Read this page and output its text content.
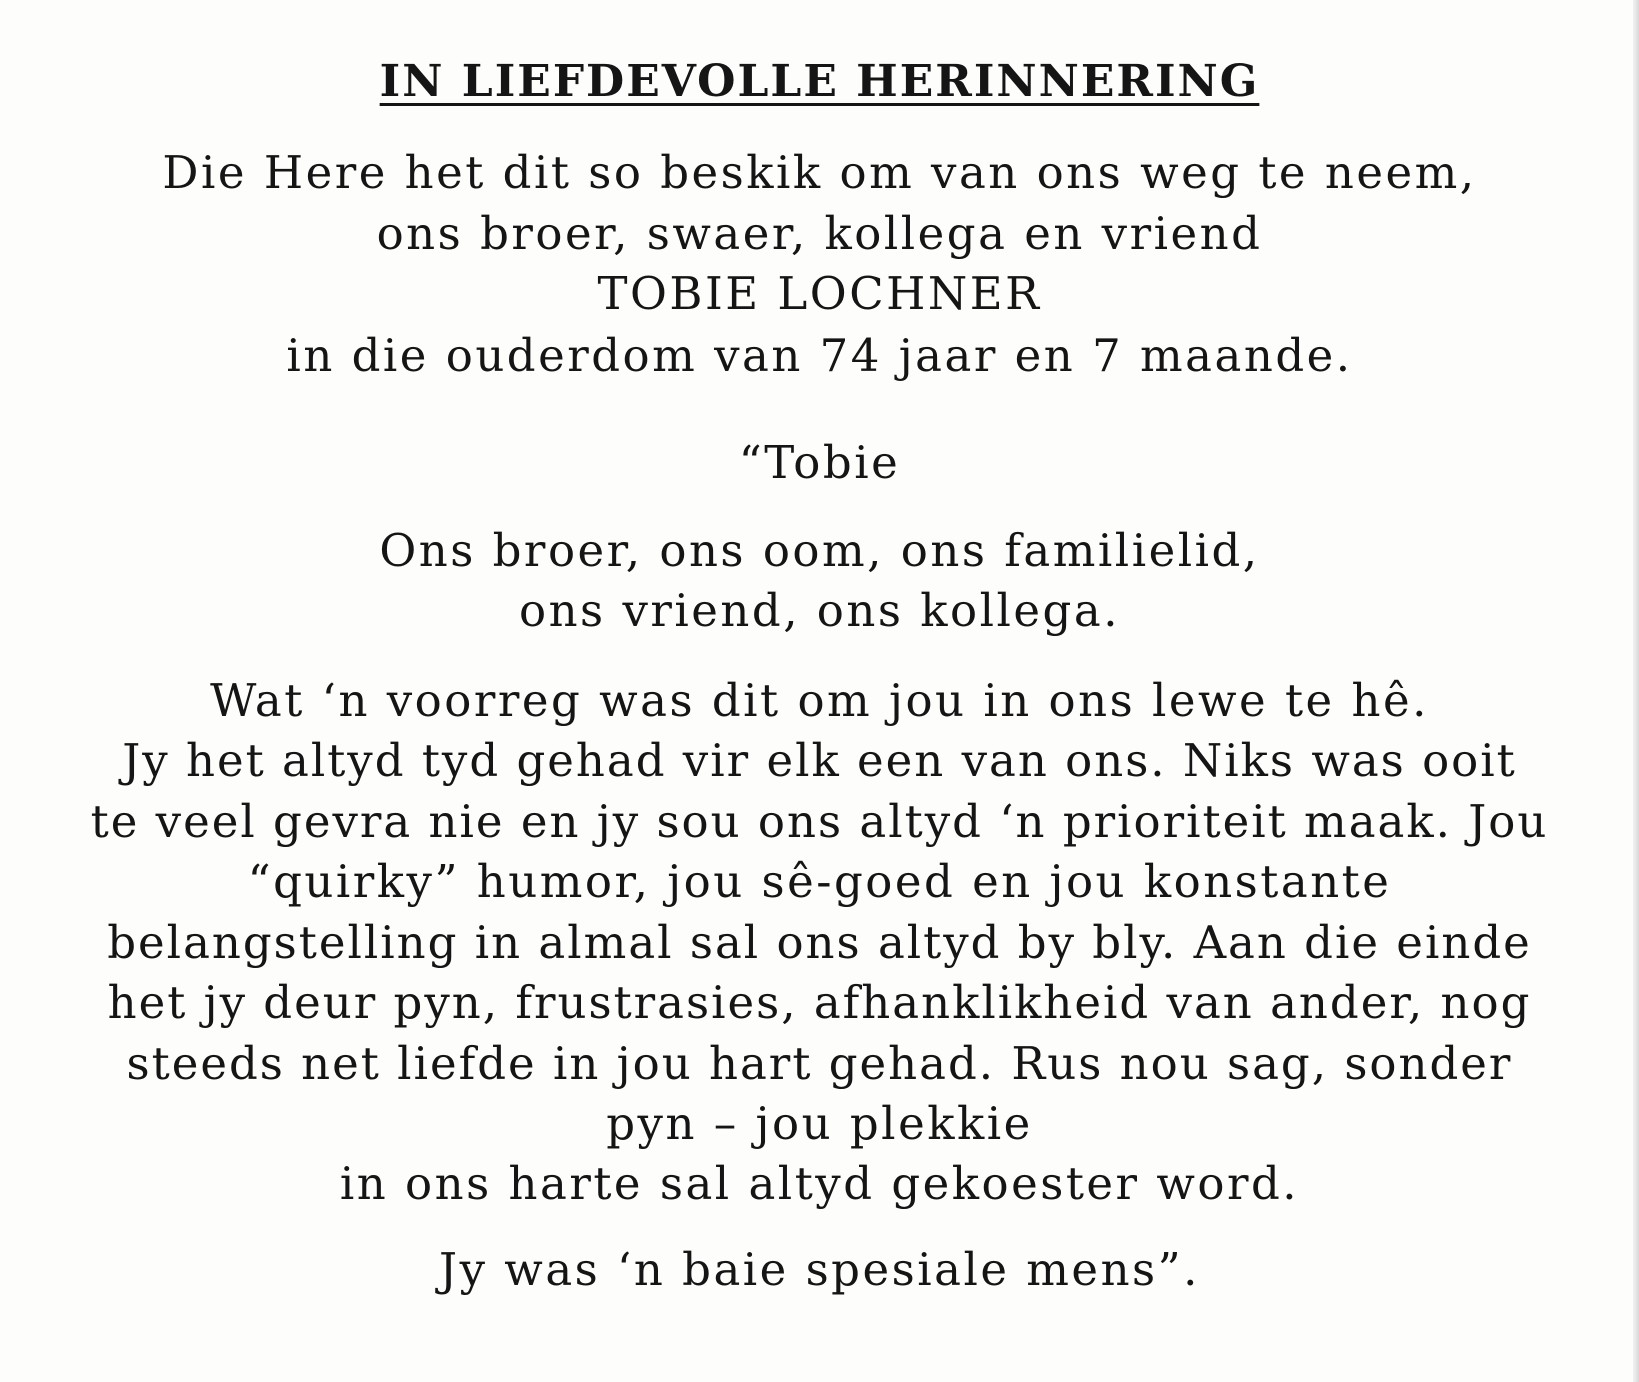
IN LIEFDEVOLLE HERINNERING

Die Here het dit so beskik om van ons weg te neem,

ons broer, swaer, kollega en vriend

TOBIE LOCHNER

in die ouderdom van 74 jaar en 7 maande.

“Tobie

Ons broer, ons oom, ons familielid,

ons vriend, ons kollega.

Wat ‘n voorreg was dit om jou in ons lewe te hê.

Jy het altyd tyd gehad vir elk een van ons. Niks was ooit

te veel gevra nie en jy sou ons altyd ‘n prioriteit maak. Jou

“quirky” humor, jou sê-goed en jou konstante

belangstelling in almal sal ons altyd by bly. Aan die einde

het jy deur pyn, frustrasies, afhanklikheid van ander, nog

steeds net liefde in jou hart gehad. Rus nou sag, sonder

pyn – jou plekkie

in ons harte sal altyd gekoester word.

Jy was ‘n baie spesiale mens”.
